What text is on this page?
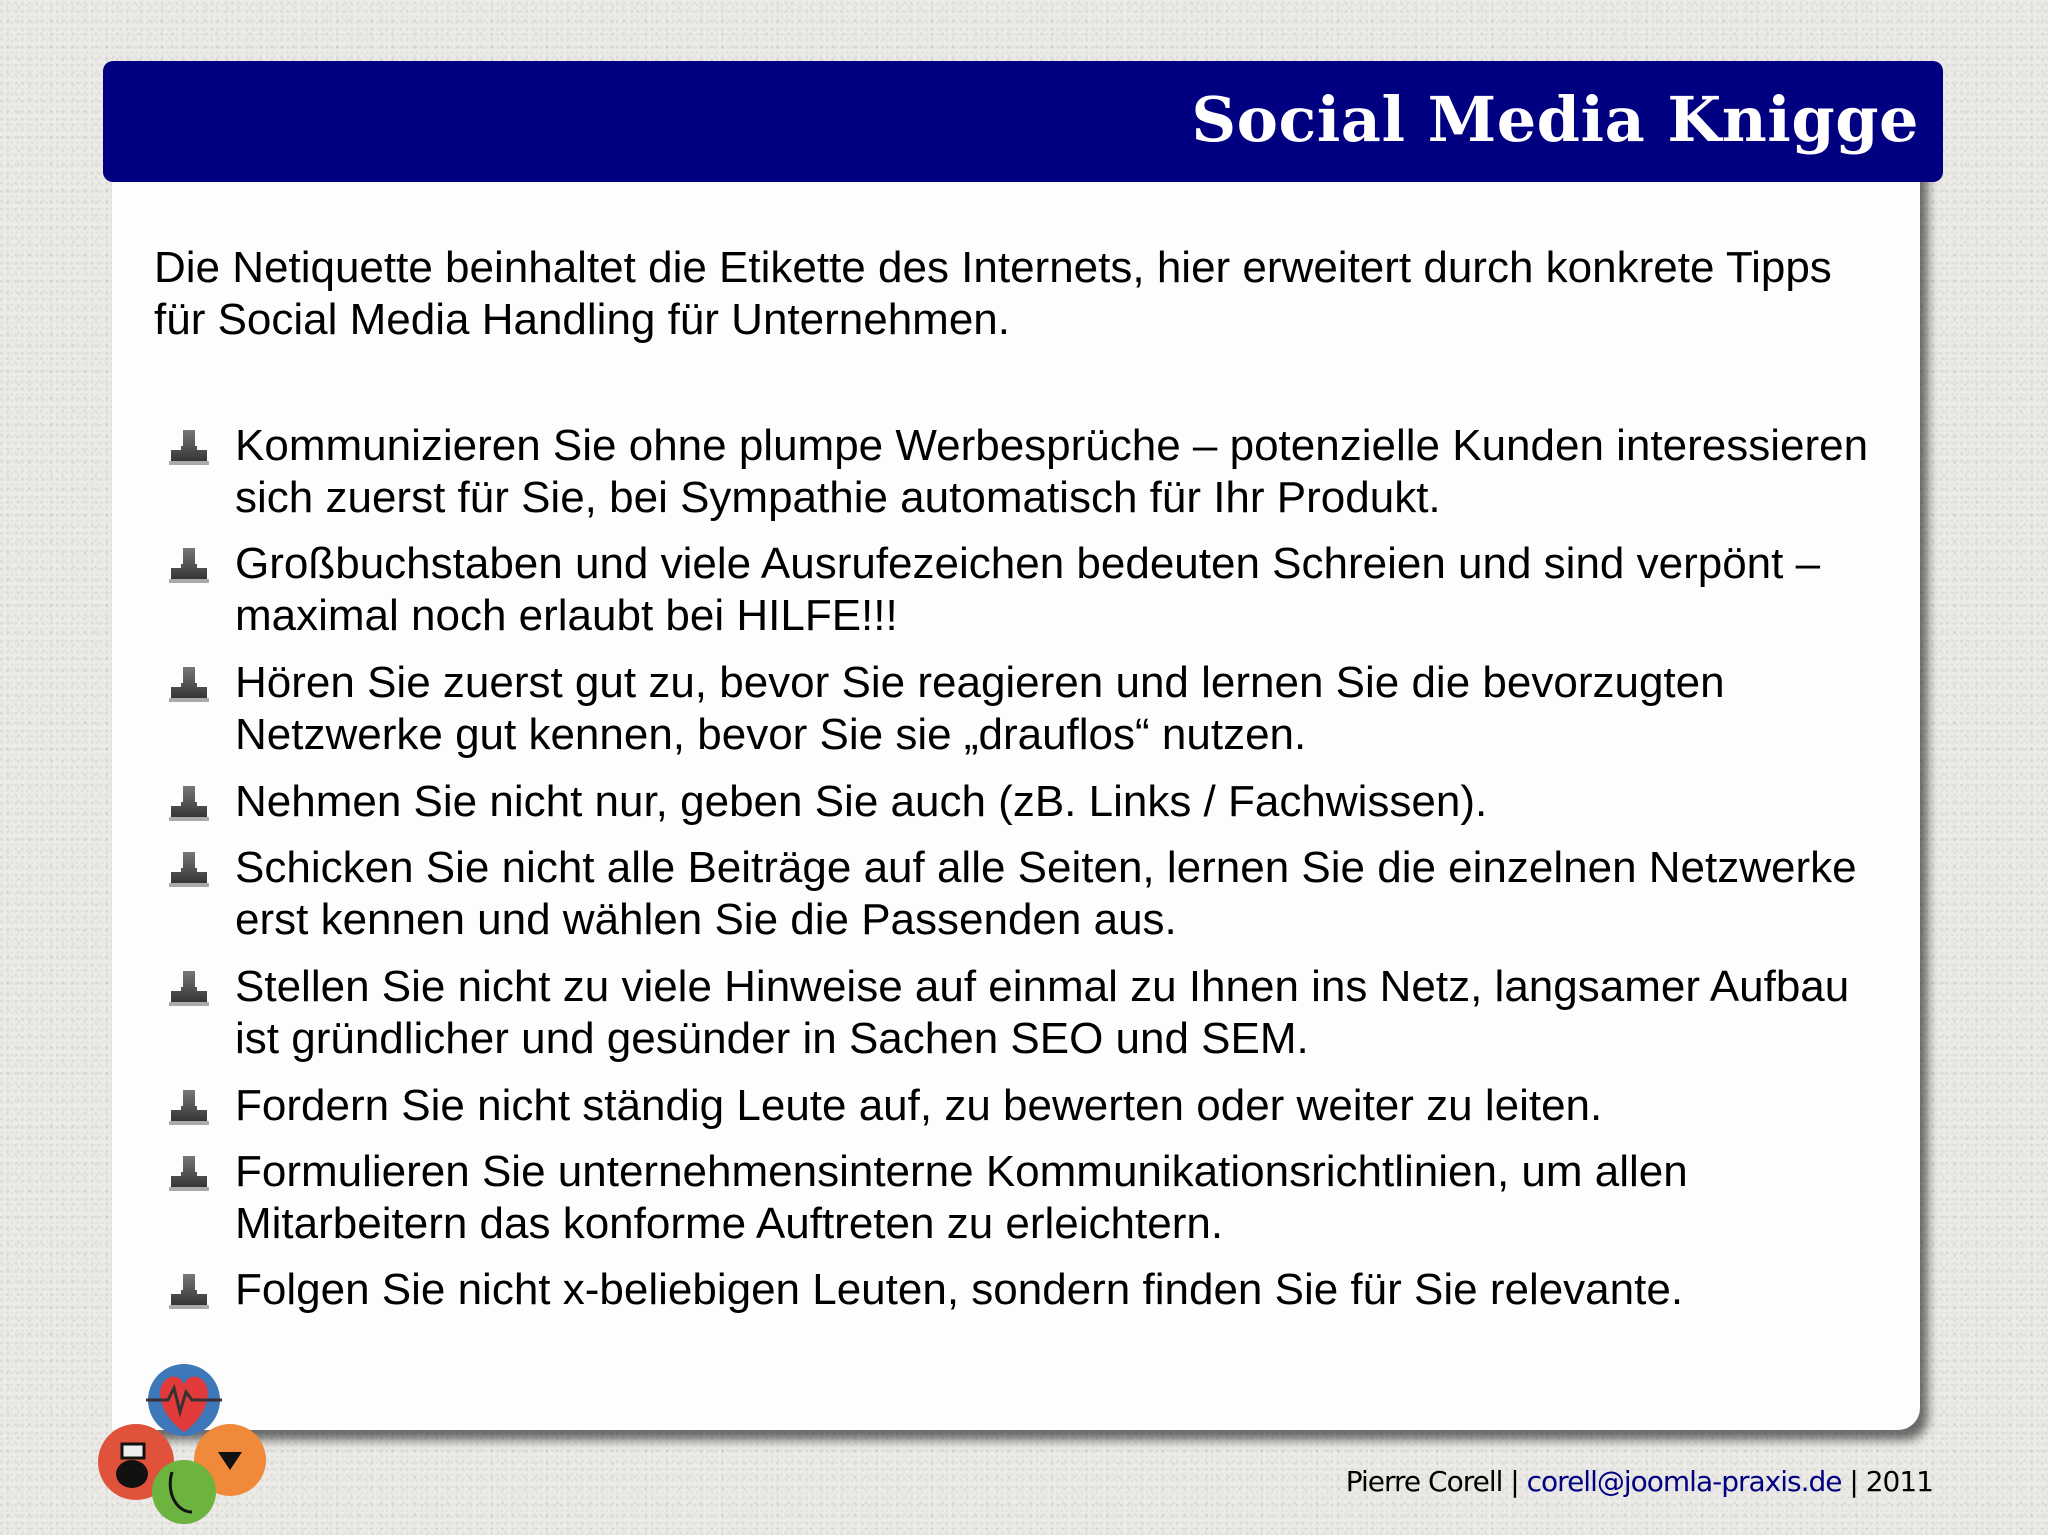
Social Media Knigge
Die Netiquette beinhaltet die Etikette des Internets, hier erweitert durch konkrete Tipps für Social Media Handling für Unternehmen.
Kommunizieren Sie ohne plumpe Werbesprüche – potenzielle Kunden interessieren sich zuerst für Sie, bei Sympathie automatisch für Ihr Produkt.
Großbuchstaben und viele Ausrufezeichen bedeuten Schreien und sind verpönt – maximal noch erlaubt bei HILFE!!!
Hören Sie zuerst gut zu, bevor Sie reagieren und lernen Sie die bevorzugten Netzwerke gut kennen, bevor Sie sie „drauflos“ nutzen.
Nehmen Sie nicht nur, geben Sie auch (zB. Links / Fachwissen).
Schicken Sie nicht alle Beiträge auf alle Seiten, lernen Sie die einzelnen Netzwerke erst kennen und wählen Sie die Passenden aus.
Stellen Sie nicht zu viele Hinweise auf einmal zu Ihnen ins Netz, langsamer Aufbau ist gründlicher und gesünder in Sachen SEO und SEM.
Fordern Sie nicht ständig Leute auf, zu bewerten oder weiter zu leiten.
Formulieren Sie unternehmensinterne Kommunikationsrichtlinien, um allen Mitarbeitern das konforme Auftreten zu erleichtern.
Folgen Sie nicht x-beliebigen Leuten, sondern finden Sie für Sie relevante.
Pierre Corell | corell@joomla-praxis.de | 2011
